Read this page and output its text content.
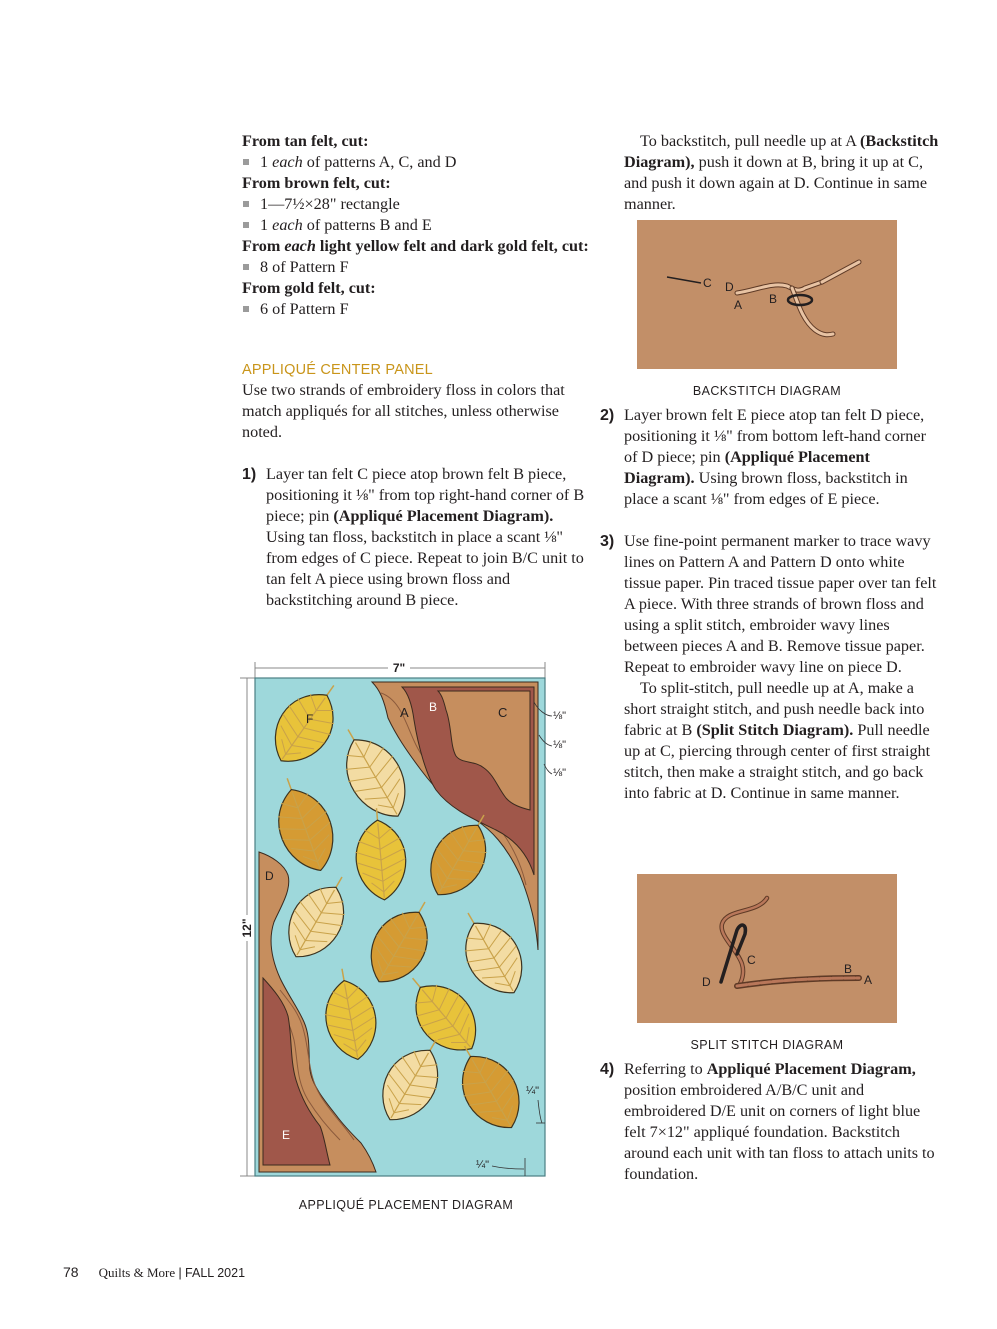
From tan felt, cut:
1 each of patterns A, C, and D
From brown felt, cut:
1—7½×28" rectangle
1 each of patterns B and E
From each light yellow felt and dark gold felt, cut:
8 of Pattern F
From gold felt, cut:
6 of Pattern F
APPLIQUÉ CENTER PANEL

Use two strands of embroidery floss in colors that match appliqués for all stitches, unless otherwise noted.

1) Layer tan felt C piece atop brown felt B piece, positioning it ⅛" from top right-hand corner of B piece; pin (Appliqué Placement Diagram). Using tan floss, backstitch in place a scant ⅛" from edges of C piece. Repeat to join B/C unit to tan felt A piece using brown floss and backstitching around B piece.

7"
12"
A B	C	⅛"
⅛"
⅛"
D
E
F
¼"
¼"
APPLIQUÉ PLACEMENT DIAGRAM

To backstitch, pull needle up at A (Backstitch Diagram), push it down at B, bring it up at C, and push it down again at D. Continue in same manner.

C D
A B
BACKSTITCH DIAGRAM

2) Layer brown felt E piece atop tan felt D piece, positioning it ⅛" from bottom left-hand corner of D piece; pin (Appliqué Placement Diagram). Using brown floss, backstitch in place a scant ⅛" from edges of E piece.

3) Use fine-point permanent marker to trace wavy lines on Pattern A and Pattern D onto white tissue paper. Pin traced tissue paper over tan felt A piece. With three strands of brown floss and using a split stitch, embroider wavy lines between pieces A and B. Remove tissue paper. Repeat to embroider wavy line on piece D.

To split-stitch, pull needle up at A, make a short straight stitch, and push needle back into fabric at B (Split Stitch Diagram). Pull needle up at C, piercing through center of first straight stitch, then make a straight stitch, and go back into fabric at D. Continue in same manner.

D
C
B
A
SPLIT STITCH DIAGRAM

4) Referring to Appliqué Placement Diagram, position embroidered A/B/C unit and embroidered D/E unit on corners of light blue felt 7×12" appliqué foundation. Backstitch around each unit with tan floss to attach units to foundation.

78 Quilts & More | FALL 2021
